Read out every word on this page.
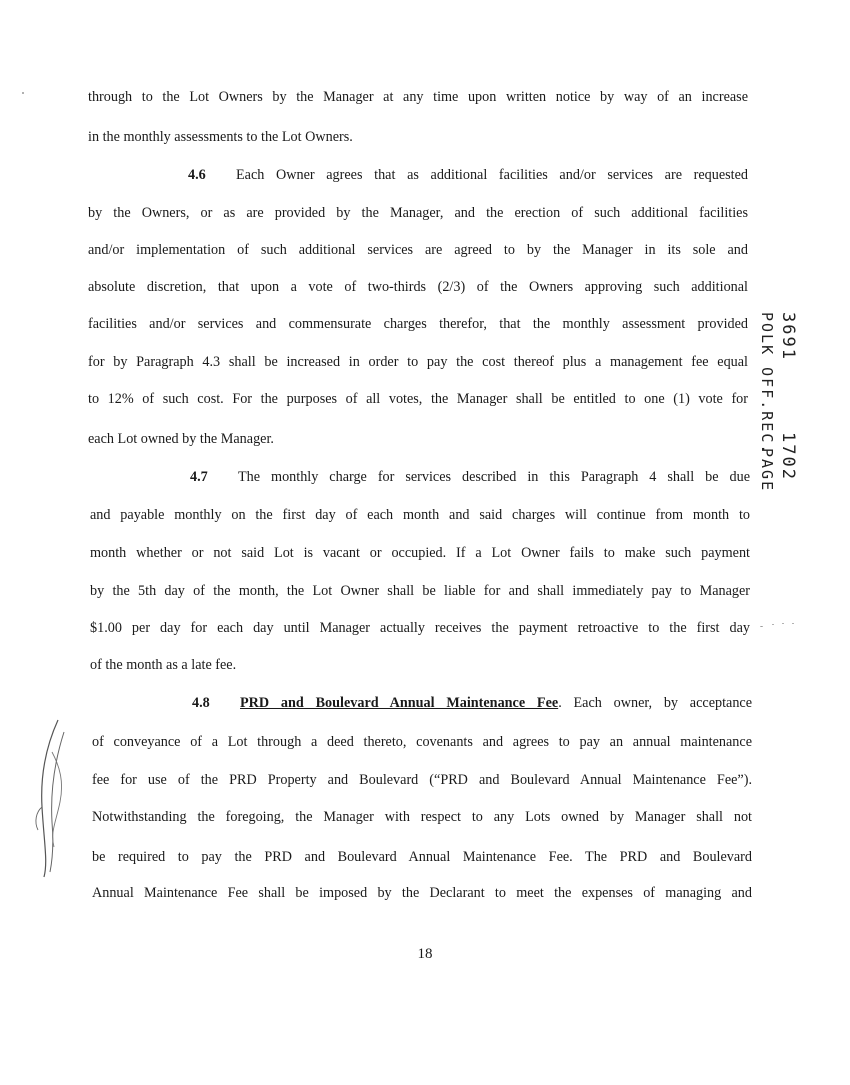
through to the Lot Owners by the Manager at any time upon written notice by way of an increase
in the monthly assessments to the Lot Owners.
4.6 Each Owner agrees that as additional facilities and/or services are requested
by the Owners, or as are provided by the Manager, and the erection of such additional facilities
and/or implementation of such additional services are agreed to by the Manager in its sole and
absolute discretion, that upon a vote of two-thirds (2/3) of the Owners approving such additional
facilities and/or services and commensurate charges therefor, that the monthly assessment provided
for by Paragraph 4.3 shall be increased in order to pay the cost thereof plus a management fee equal
to 12% of such cost. For the purposes of all votes, the Manager shall be entitled to one (1) vote for
each Lot owned by the Manager.
4.7 The monthly charge for services described in this Paragraph 4 shall be due
and payable monthly on the first day of each month and said charges will continue from month to
month whether or not said Lot is vacant or occupied. If a Lot Owner fails to make such payment
by the 5th day of the month, the Lot Owner shall be liable for and shall immediately pay to Manager
$1.00 per day for each day until Manager actually receives the payment retroactive to the first day
of the month as a late fee.
4.8 PRD and Boulevard Annual Maintenance Fee. Each owner, by acceptance
of conveyance of a Lot through a deed thereto, covenants and agrees to pay an annual maintenance
fee for use of the PRD Property and Boulevard (“PRD and Boulevard Annual Maintenance Fee”).
Notwithstanding the foregoing, the Manager with respect to any Lots owned by Manager shall not
be required to pay the PRD and Boulevard Annual Maintenance Fee. The PRD and Boulevard
Annual Maintenance Fee shall be imposed by the Declarant to meet the expenses of managing and
18
3691
POLK OFF.REC.
1702
PAGE
